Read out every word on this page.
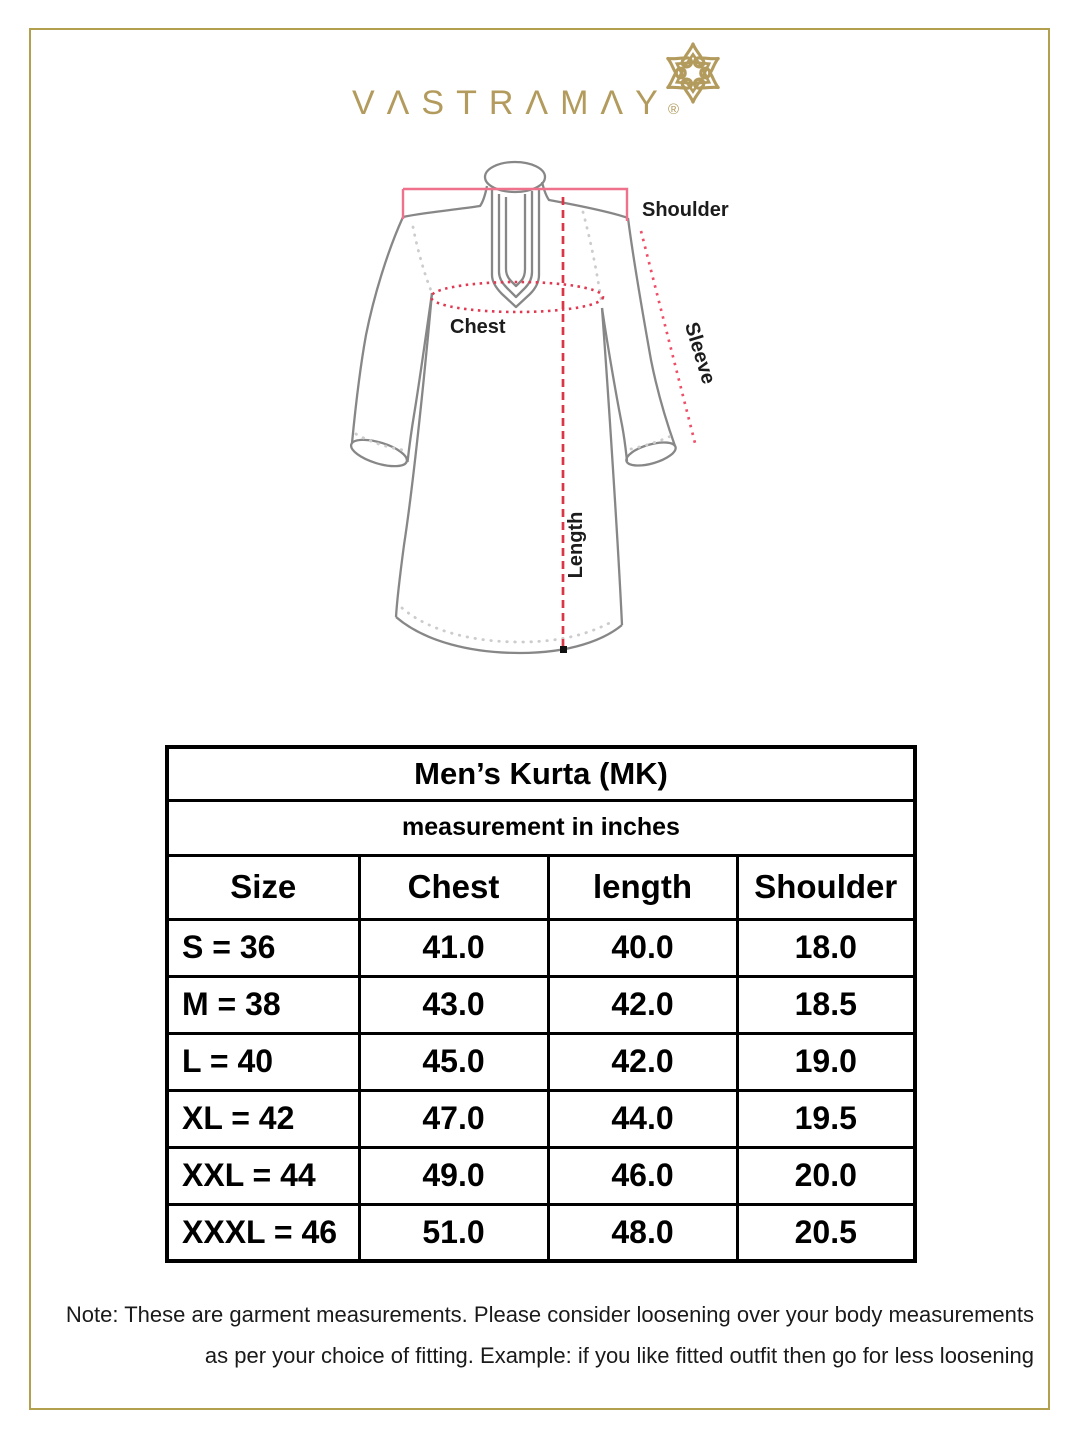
VΛSTRΛMΛY
®
Shoulder
Chest	Sleeve
Length
Men’s Kurta (MK)			
measurement in inches			
Size	Chest	length	Shoulder
S = 36	41.0	40.0	18.0
M = 38	43.0	42.0	18.5
L = 40	45.0	42.0	19.0
XL = 42	47.0	44.0	19.5
XXL = 44	49.0	46.0	20.0
XXXL = 46	51.0	48.0	20.5
Note: These are garment measurements. Please consider loosening over your body measurements
as per your choice of fitting. Example: if you like fitted outfit then go for less loosening
